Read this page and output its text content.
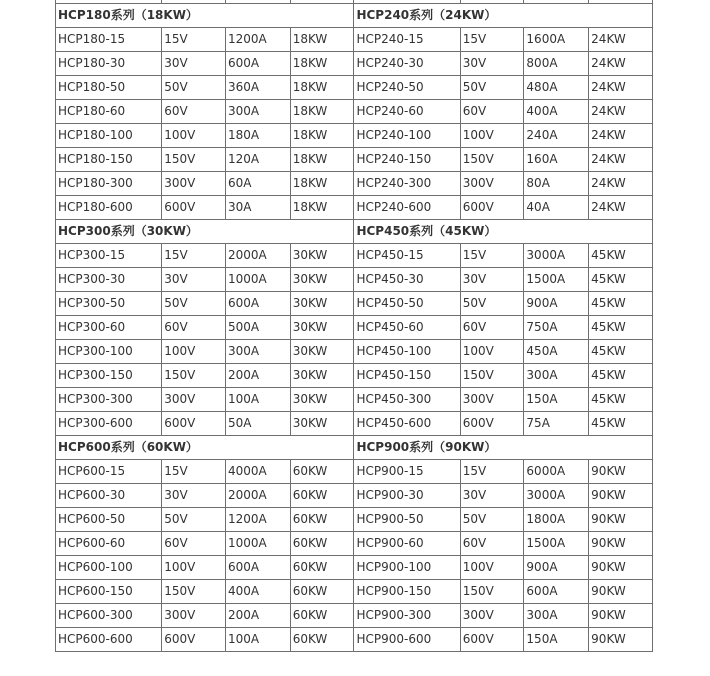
HCP180系列（18KW）				HCP240系列（24KW）			
HCP180-15	15V	1200A	18KW	HCP240-15	15V	1600A	24KW
HCP180-30	30V	600A	18KW	HCP240-30	30V	800A	24KW
HCP180-50	50V	360A	18KW	HCP240-50	50V	480A	24KW
HCP180-60	60V	300A	18KW	HCP240-60	60V	400A	24KW
HCP180-100	100V	180A	18KW	HCP240-100	100V	240A	24KW
HCP180-150	150V	120A	18KW	HCP240-150	150V	160A	24KW
HCP180-300	300V	60A	18KW	HCP240-300	300V	80A	24KW
HCP180-600	600V	30A	18KW	HCP240-600	600V	40A	24KW
HCP300系列（30KW）				HCP450系列（45KW）			
HCP300-15	15V	2000A	30KW	HCP450-15	15V	3000A	45KW
HCP300-30	30V	1000A	30KW	HCP450-30	30V	1500A	45KW
HCP300-50	50V	600A	30KW	HCP450-50	50V	900A	45KW
HCP300-60	60V	500A	30KW	HCP450-60	60V	750A	45KW
HCP300-100	100V	300A	30KW	HCP450-100	100V	450A	45KW
HCP300-150	150V	200A	30KW	HCP450-150	150V	300A	45KW
HCP300-300	300V	100A	30KW	HCP450-300	300V	150A	45KW
HCP300-600	600V	50A	30KW	HCP450-600	600V	75A	45KW
HCP600系列（60KW）				HCP900系列（90KW）			
HCP600-15	15V	4000A	60KW	HCP900-15	15V	6000A	90KW
HCP600-30	30V	2000A	60KW	HCP900-30	30V	3000A	90KW
HCP600-50	50V	1200A	60KW	HCP900-50	50V	1800A	90KW
HCP600-60	60V	1000A	60KW	HCP900-60	60V	1500A	90KW
HCP600-100	100V	600A	60KW	HCP900-100	100V	900A	90KW
HCP600-150	150V	400A	60KW	HCP900-150	150V	600A	90KW
HCP600-300	300V	200A	60KW	HCP900-300	300V	300A	90KW
HCP600-600	600V	100A	60KW	HCP900-600	600V	150A	90KW
